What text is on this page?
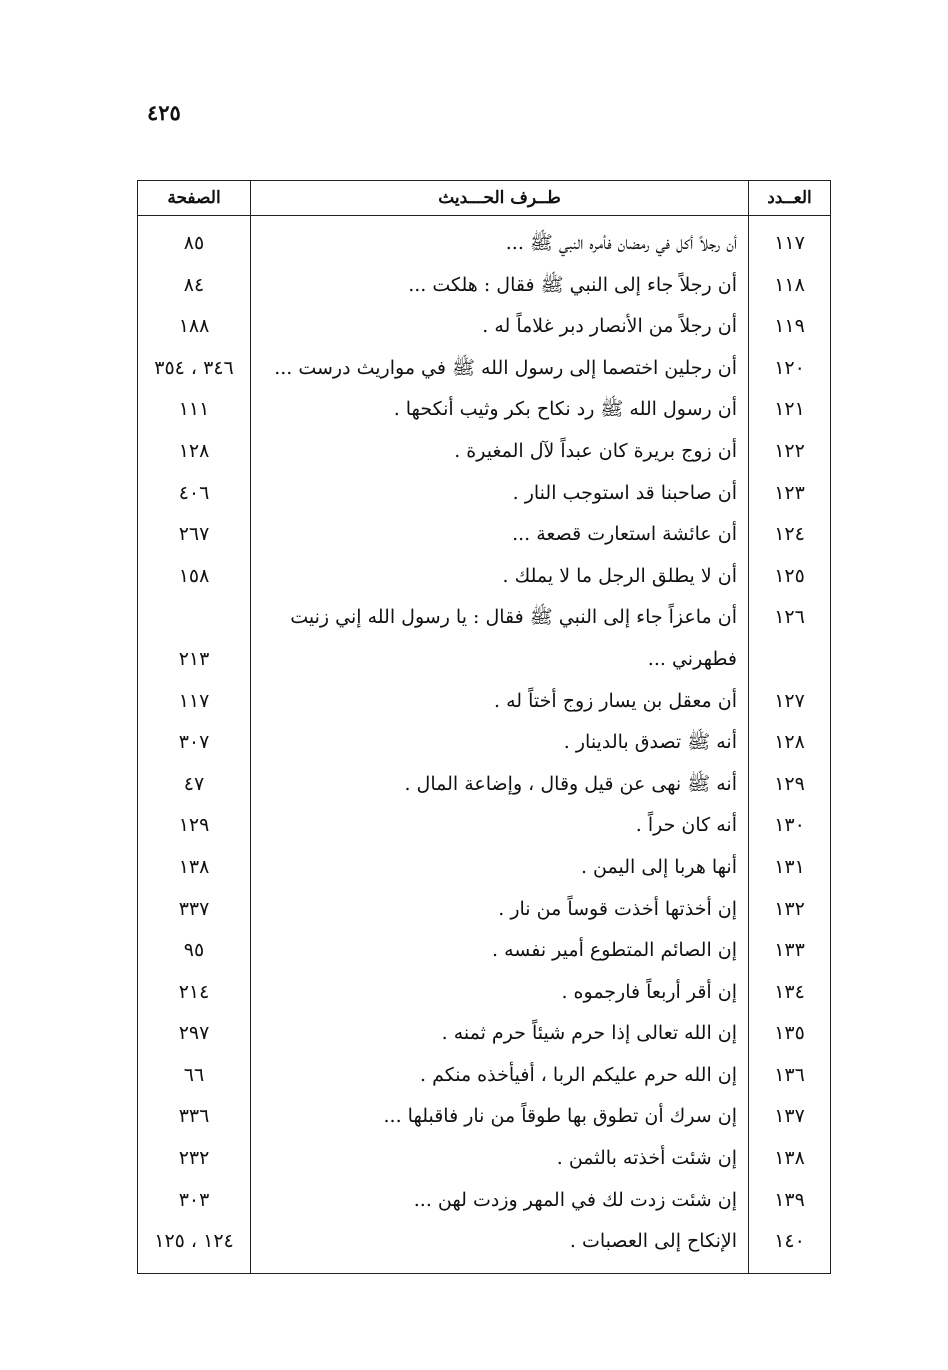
٤٢٥
العــدد
طــرف الحـــديث
الصفحة
١١٧
أن رجلاً أكل في رمضان فأمره النبي ﷺ ...
٨٥
١١٨
أن رجلاً جاء إلى النبي ﷺ فقال : هلكت ...
٨٤
١١٩
أن رجلاً من الأنصار دبر غلاماً له .
١٨٨
١٢٠
أن رجلين اختصما إلى رسول الله ﷺ في مواريث درست ...
٣٤٦ ، ٣٥٤
١٢١
أن رسول الله ﷺ رد نكاح بكر وثيب أنكحها .
١١١
١٢٢
أن زوج بريرة كان عبداً لآل المغيرة .
١٢٨
١٢٣
أن صاحبنا قد استوجب النار .
٤٠٦
١٢٤
أن عائشة استعارت قصعة ...
٢٦٧
١٢٥
أن لا يطلق الرجل ما لا يملك .
١٥٨
١٢٦
أن ماعزاً جاء إلى النبي ﷺ فقال : يا رسول الله إني زنيت فطهرني ...
٢١٣
١٢٧
أن معقل بن يسار زوج أختاً له .
١١٧
١٢٨
أنه ﷺ تصدق بالدينار .
٣٠٧
١٢٩
أنه ﷺ نهى عن قيل وقال ، وإضاعة المال .
٤٧
١٣٠
أنه كان حراً .
١٢٩
١٣١
أنها هربا إلى اليمن .
١٣٨
١٣٢
إن أخذتها أخذت قوساً من نار .
٣٣٧
١٣٣
إن الصائم المتطوع أمير نفسه .
٩٥
١٣٤
إن أقر أربعاً فارجموه .
٢١٤
١٣٥
إن الله تعالى إذا حرم شيئاً حرم ثمنه .
٢٩٧
١٣٦
إن الله حرم عليكم الربا ، أفيأخذه منكم .
٦٦
١٣٧
إن سرك أن تطوق بها طوقاً من نار فاقبلها ...
٣٣٦
١٣٨
إن شئت أخذته بالثمن .
٢٣٢
١٣٩
إن شئت زدت لك في المهر وزدت لهن ...
٣٠٣
١٤٠
الإنكاح إلى العصبات .
١٢٤ ، ١٢٥
